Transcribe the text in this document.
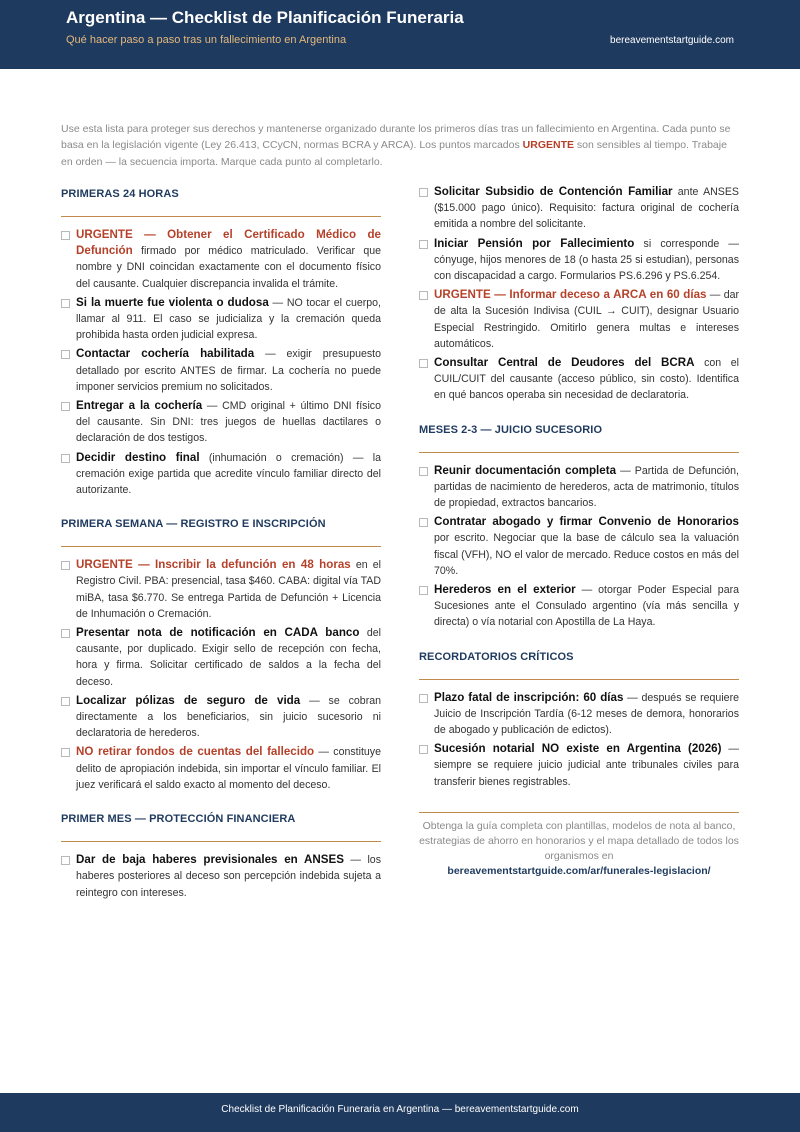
Argentina — Checklist de Planificación Funeraria
Qué hacer paso a paso tras un fallecimiento en Argentina	bereavementstartguide.com
Use esta lista para proteger sus derechos y mantenerse organizado durante los primeros días tras un fallecimiento en Argentina. Cada punto se basa en la legislación vigente (Ley 26.413, CCyCN, normas BCRA y ARCA). Los puntos marcados URGENTE son sensibles al tiempo. Trabaje en orden — la secuencia importa. Marque cada punto al completarlo.
PRIMERAS 24 HORAS
URGENTE — Obtener el Certificado Médico de Defunción firmado por médico matriculado. Verificar que nombre y DNI coincidan exactamente con el documento físico del causante. Cualquier discrepancia invalida el trámite.
Si la muerte fue violenta o dudosa — NO tocar el cuerpo, llamar al 911. El caso se judicializa y la cremación queda prohibida hasta orden judicial expresa.
Contactar cochería habilitada — exigir presupuesto detallado por escrito ANTES de firmar. La cochería no puede imponer servicios premium no solicitados.
Entregar a la cochería — CMD original + último DNI físico del causante. Sin DNI: tres juegos de huellas dactilares o declaración de dos testigos.
Decidir destino final (inhumación o cremación) — la cremación exige partida que acredite vínculo familiar directo del autorizante.
PRIMERA SEMANA — REGISTRO E INSCRIPCIÓN
URGENTE — Inscribir la defunción en 48 horas en el Registro Civil. PBA: presencial, tasa $460. CABA: digital vía TAD miBA, tasa $6.770. Se entrega Partida de Defunción + Licencia de Inhumación o Cremación.
Presentar nota de notificación en CADA banco del causante, por duplicado. Exigir sello de recepción con fecha, hora y firma. Solicitar certificado de saldos a la fecha del deceso.
Localizar pólizas de seguro de vida — se cobran directamente a los beneficiarios, sin juicio sucesorio ni declaratoria de herederos.
NO retirar fondos de cuentas del fallecido — constituye delito de apropiación indebida, sin importar el vínculo familiar. El juez verificará el saldo exacto al momento del deceso.
PRIMER MES — PROTECCIÓN FINANCIERA
Dar de baja haberes previsionales en ANSES — los haberes posteriores al deceso son percepción indebida sujeta a reintegro con intereses.
Solicitar Subsidio de Contención Familiar ante ANSES ($15.000 pago único). Requisito: factura original de cochería emitida a nombre del solicitante.
Iniciar Pensión por Fallecimiento si corresponde — cónyuge, hijos menores de 18 (o hasta 25 si estudian), personas con discapacidad a cargo. Formularios PS.6.296 y PS.6.254.
URGENTE — Informar deceso a ARCA en 60 días — dar de alta la Sucesión Indivisa (CUIL → CUIT), designar Usuario Especial Restringido. Omitirlo genera multas e intereses automáticos.
Consultar Central de Deudores del BCRA con el CUIL/CUIT del causante (acceso público, sin costo). Identifica en qué bancos operaba sin necesidad de declaratoria.
MESES 2-3 — JUICIO SUCESORIO
Reunir documentación completa — Partida de Defunción, partidas de nacimiento de herederos, acta de matrimonio, títulos de propiedad, extractos bancarios.
Contratar abogado y firmar Convenio de Honorarios por escrito. Negociar que la base de cálculo sea la valuación fiscal (VFH), NO el valor de mercado. Reduce costos en más del 70%.
Herederos en el exterior — otorgar Poder Especial para Sucesiones ante el Consulado argentino (vía más sencilla y directa) o vía notarial con Apostilla de La Haya.
RECORDATORIOS CRÍTICOS
Plazo fatal de inscripción: 60 días — después se requiere Juicio de Inscripción Tardía (6-12 meses de demora, honorarios de abogado y publicación de edictos).
Sucesión notarial NO existe en Argentina (2026) — siempre se requiere juicio judicial ante tribunales civiles para transferir bienes registrables.
Obtenga la guía completa con plantillas, modelos de nota al banco, estrategias de ahorro en honorarios y el mapa detallado de todos los organismos en
bereavementstartguide.com/ar/funerales-legislacion/
Checklist de Planificación Funeraria en Argentina — bereavementstartguide.com
